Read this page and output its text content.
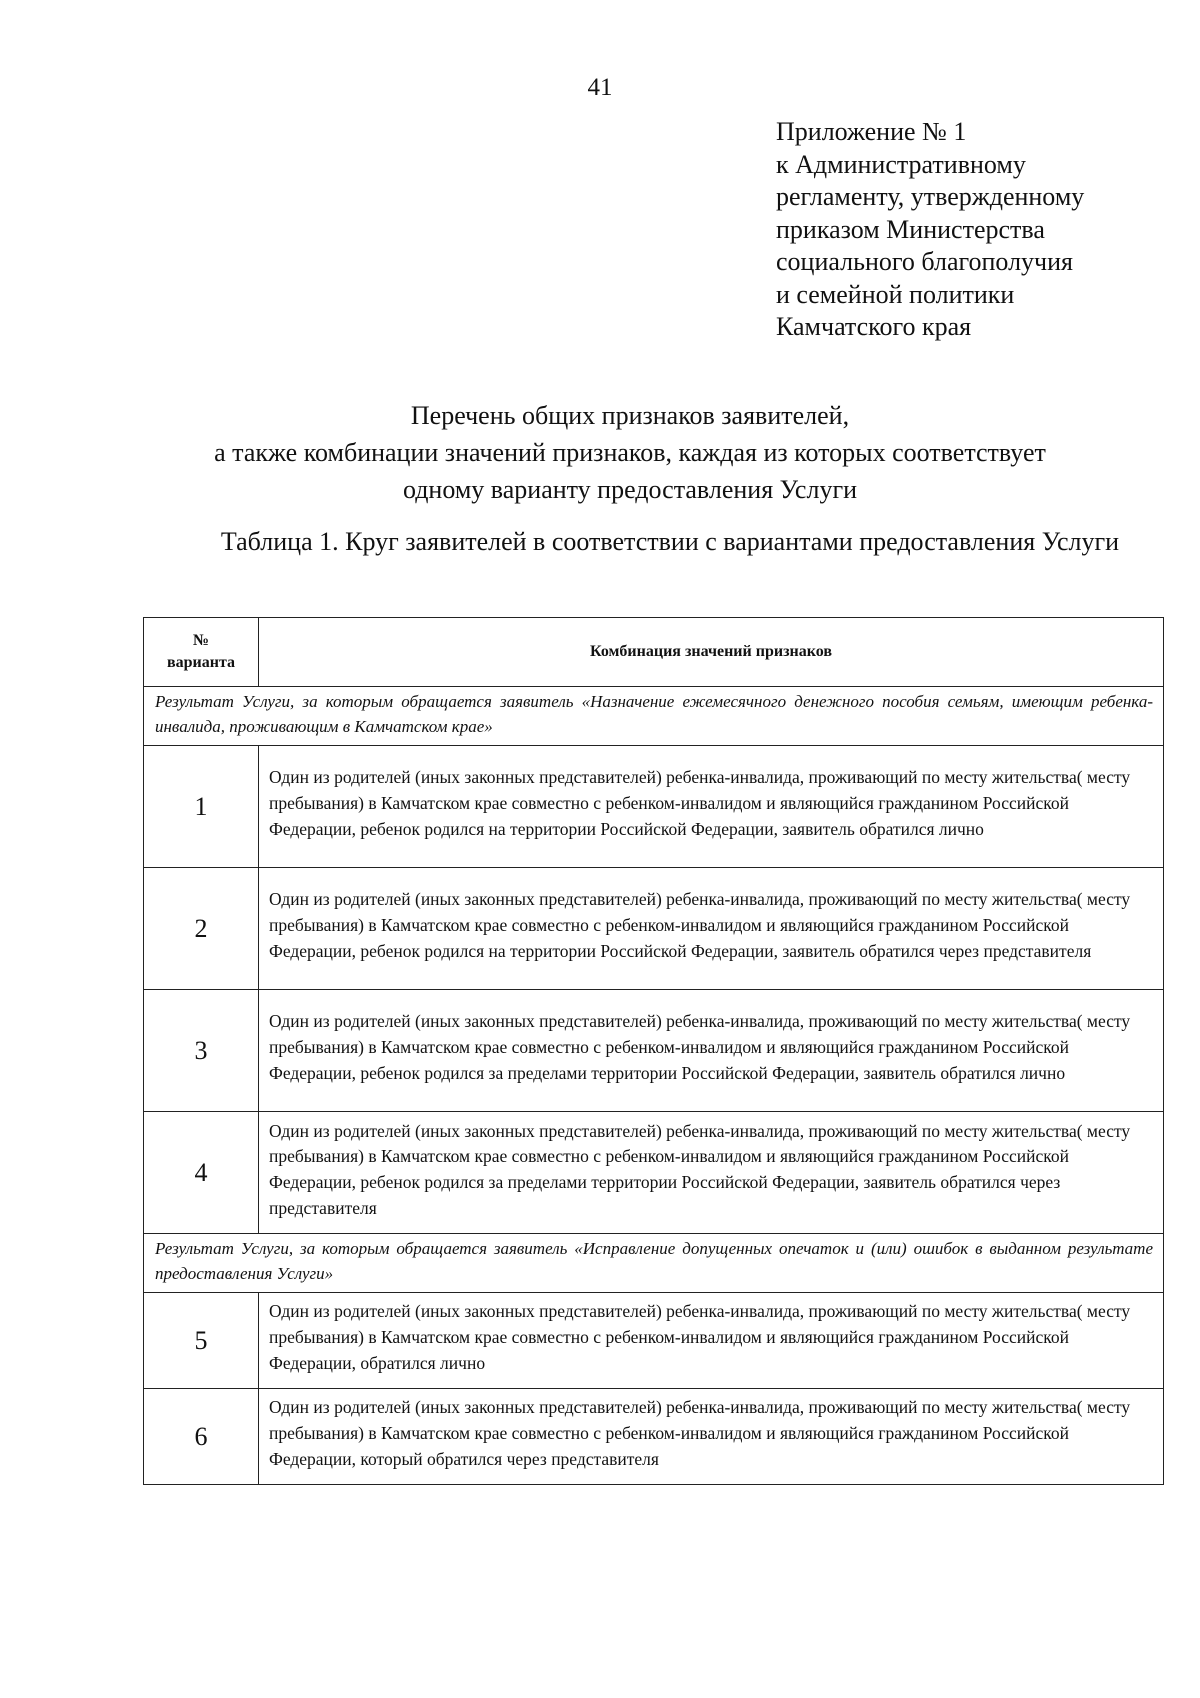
41
Приложение № 1
к Административному
регламенту, утвержденному
приказом Министерства
социального благополучия
и семейной политики
Камчатского края
Перечень общих признаков заявителей,
а также комбинации значений признаков, каждая из которых соответствует
одному варианту предоставления Услуги
Таблица 1. Круг заявителей в соответствии с вариантами предоставления Услуги
№
варианта	Комбинация значений признаков
Результат Услуги, за которым обращается заявитель «Назначение ежемесячного денежного пособия семьям, имеющим ребенка-инвалида, проживающим в Камчатском крае»	
1	Один из родителей (иных законных представителей) ребенка-инвалида, проживающий по месту жительства( месту пребывания) в Камчатском крае совместно с ребенком-инвалидом и являющийся гражданином Российской Федерации, ребенок родился на территории Российской Федерации, заявитель обратился лично
2	Один из родителей (иных законных представителей) ребенка-инвалида, проживающий по месту жительства( месту пребывания) в Камчатском крае совместно с ребенком-инвалидом и являющийся гражданином Российской Федерации, ребенок родился на территории Российской Федерации, заявитель обратился через представителя
3	Один из родителей (иных законных представителей) ребенка-инвалида, проживающий по месту жительства( месту пребывания) в Камчатском крае совместно с ребенком-инвалидом и являющийся гражданином Российской Федерации, ребенок родился за пределами территории Российской Федерации, заявитель обратился лично
4	Один из родителей (иных законных представителей) ребенка-инвалида, проживающий по месту жительства( месту пребывания) в Камчатском крае совместно с ребенком-инвалидом и являющийся гражданином Российской Федерации, ребенок родился за пределами территории Российской Федерации, заявитель обратился через представителя
Результат Услуги, за которым обращается заявитель «Исправление допущенных опечаток и (или) ошибок в выданном результате предоставления Услуги»	
5	Один из родителей (иных законных представителей) ребенка-инвалида, проживающий по месту жительства( месту пребывания) в Камчатском крае совместно с ребенком-инвалидом и являющийся гражданином Российской Федерации, обратился лично
6	Один из родителей (иных законных представителей) ребенка-инвалида, проживающий по месту жительства( месту пребывания) в Камчатском крае совместно с ребенком-инвалидом и являющийся гражданином Российской Федерации, который обратился через представителя
